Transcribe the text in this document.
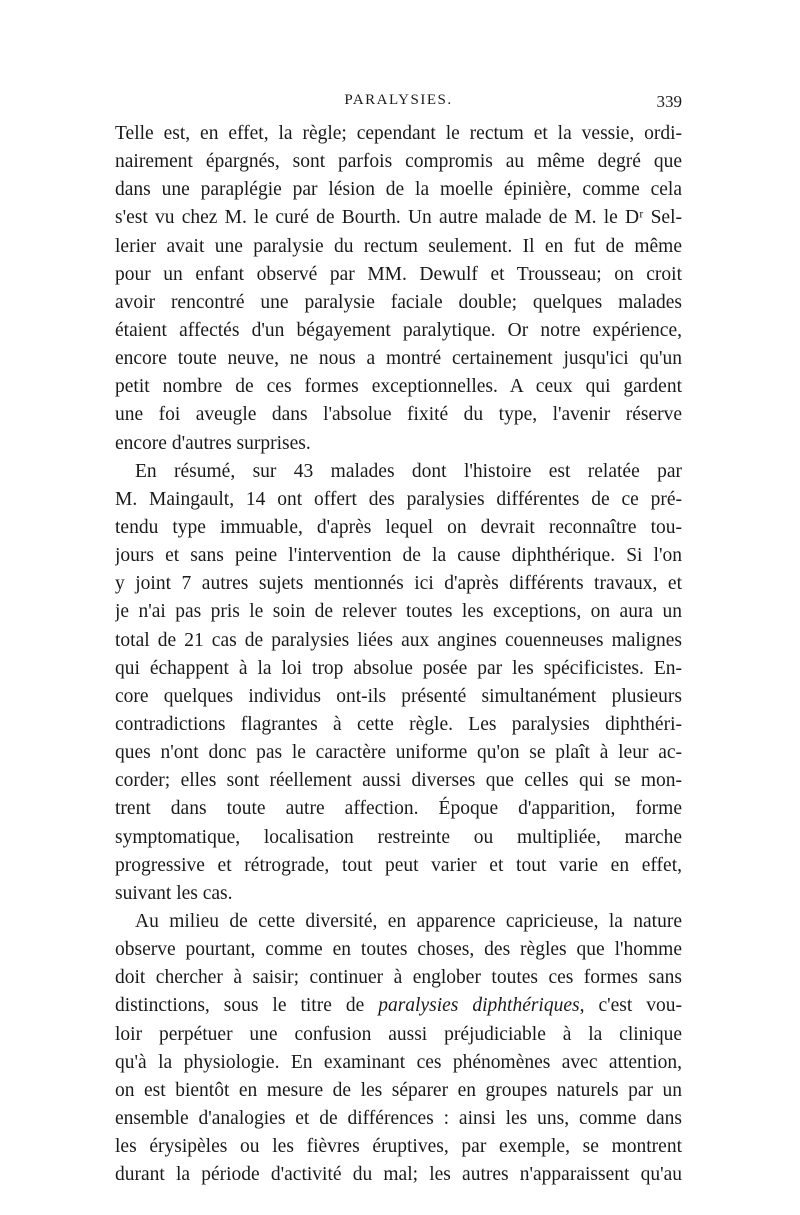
PARALYSIES.	339
Telle est, en effet, la règle; cependant le rectum et la vessie, ordi-
nairement épargnés, sont parfois compromis au même degré que
dans une paraplégie par lésion de la moelle épinière, comme cela
s'est vu chez M. le curé de Bourth. Un autre malade de M. le Dʳ Sel-
lerier avait une paralysie du rectum seulement. Il en fut de même
pour un enfant observé par MM. Dewulf et Trousseau; on croit
avoir rencontré une paralysie faciale double; quelques malades
étaient affectés d'un bégayement paralytique. Or notre expérience,
encore toute neuve, ne nous a montré certainement jusqu'ici qu'un
petit nombre de ces formes exceptionnelles. A ceux qui gardent
une foi aveugle dans l'absolue fixité du type, l'avenir réserve
encore d'autres surprises.
En résumé, sur 43 malades dont l'histoire est relatée par
M. Maingault, 14 ont offert des paralysies différentes de ce pré-
tendu type immuable, d'après lequel on devrait reconnaître tou-
jours et sans peine l'intervention de la cause diphthérique. Si l'on
y joint 7 autres sujets mentionnés ici d'après différents travaux, et
je n'ai pas pris le soin de relever toutes les exceptions, on aura un
total de 21 cas de paralysies liées aux angines couenneuses malignes
qui échappent à la loi trop absolue posée par les spécificistes. En-
core quelques individus ont-ils présenté simultanément plusieurs
contradictions flagrantes à cette règle. Les paralysies diphthéri-
ques n'ont donc pas le caractère uniforme qu'on se plaît à leur ac-
corder; elles sont réellement aussi diverses que celles qui se mon-
trent dans toute autre affection. Époque d'apparition, forme
symptomatique, localisation restreinte ou multipliée, marche
progressive et rétrograde, tout peut varier et tout varie en effet,
suivant les cas.
Au milieu de cette diversité, en apparence capricieuse, la nature
observe pourtant, comme en toutes choses, des règles que l'homme
doit chercher à saisir; continuer à englober toutes ces formes sans
distinctions, sous le titre de paralysies diphthériques, c'est vou-
loir perpétuer une confusion aussi préjudiciable à la clinique
qu'à la physiologie. En examinant ces phénomènes avec attention,
on est bientôt en mesure de les séparer en groupes naturels par un
ensemble d'analogies et de différences : ainsi les uns, comme dans
les érysipèles ou les fièvres éruptives, par exemple, se montrent
durant la période d'activité du mal; les autres n'apparaissent qu'au
